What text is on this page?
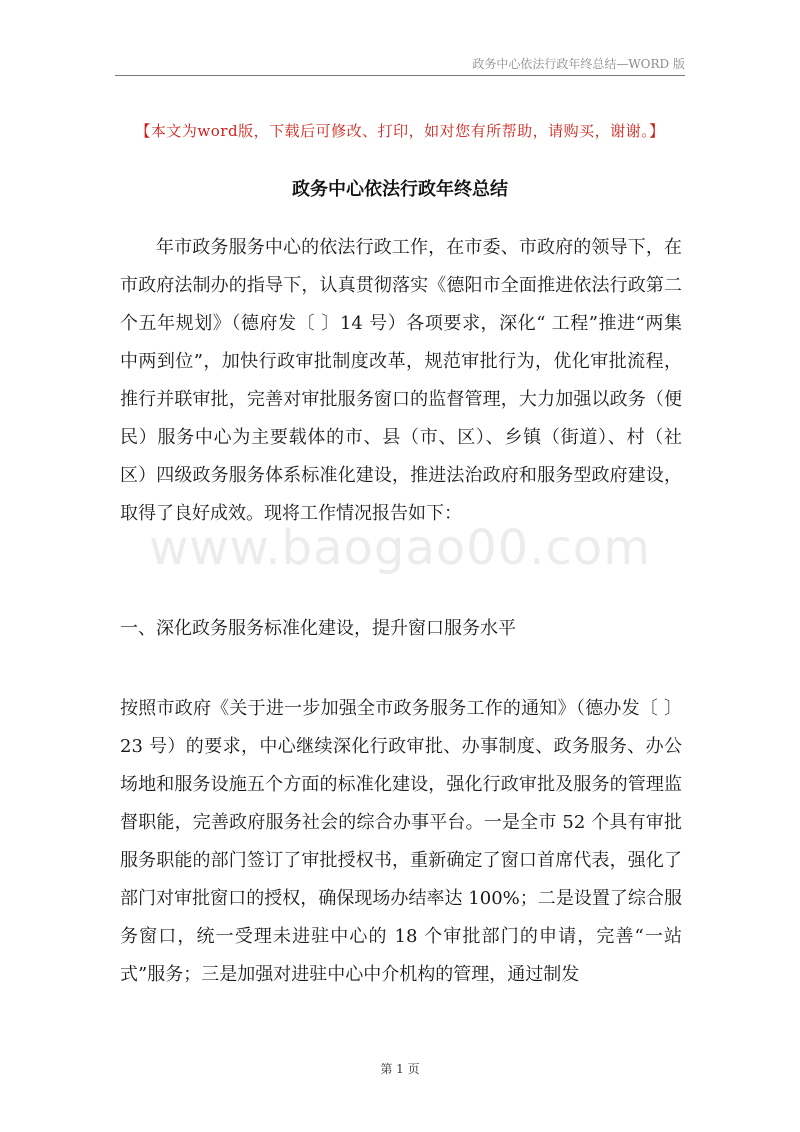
政务中心依法行政年终总结—WORD 版
【本文为word版，下载后可修改、打印，如对您有所帮助，请购买，谢谢。】
政务中心依法行政年终总结
年市政务服务中心的依法行政工作，在市委、市政府的领导下，在市政府法制办的指导下，认真贯彻落实《德阳市全面推进依法行政第二个五年规划》（德府发〔 〕14 号）各项要求，深化“ 工程”推进“两集中两到位”，加快行政审批制度改革，规范审批行为，优化审批流程，推行并联审批，完善对审批服务窗口的监督管理，大力加强以政务（便民）服务中心为主要载体的市、县（市、区）、乡镇（街道）、村（社区）四级政务服务体系标准化建设，推进法治政府和服务型政府建设，取得了良好成效。现将工作情况报告如下：
www.baogao00.com
一、深化政务服务标准化建设，提升窗口服务水平
按照市政府《关于进一步加强全市政务服务工作的通知》（德办发〔 〕23 号）的要求，中心继续深化行政审批、办事制度、政务服务、办公场地和服务设施五个方面的标准化建设，强化行政审批及服务的管理监督职能，完善政府服务社会的综合办事平台。一是全市 52 个具有审批服务职能的部门签订了审批授权书，重新确定了窗口首席代表，强化了部门对审批窗口的授权，确保现场办结率达 100%；二是设置了综合服务窗口，统一受理未进驻中心的 18 个审批部门的申请，完善“一站式”服务；三是加强对进驻中心中介机构的管理，通过制发
第 1 页
